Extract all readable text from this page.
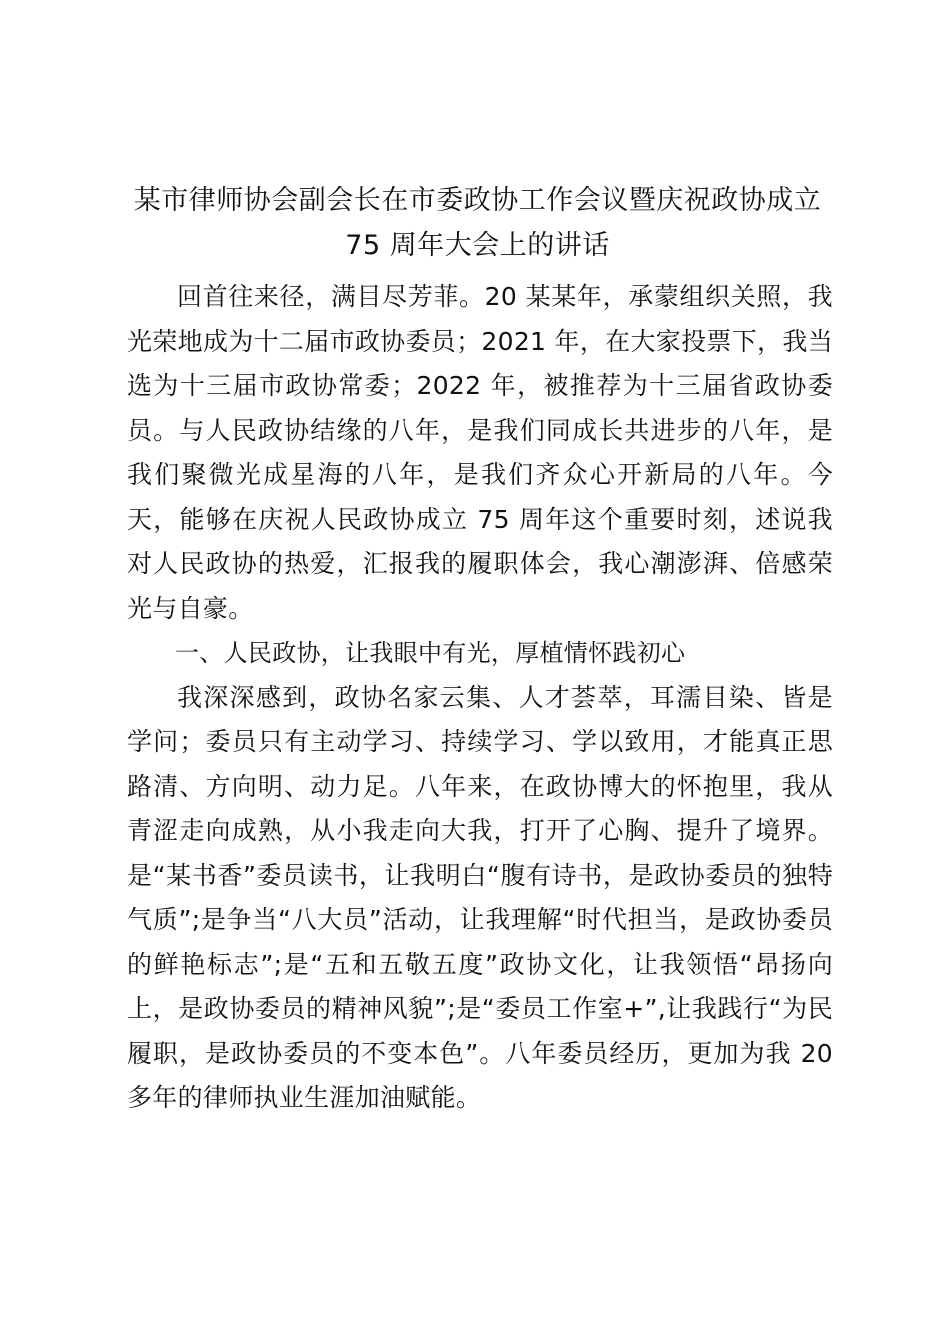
某市律师协会副会长在市委政协工作会议暨庆祝政协成立 75 周年大会上的讲话

回首往来径，满目尽芳菲。20 某某年，承蒙组织关照，我光荣地成为十二届市政协委员；2021 年，在大家投票下，我当选为十三届市政协常委；2022 年，被推荐为十三届省政协委员。与人民政协结缘的八年，是我们同成长共进步的八年，是我们聚微光成星海的八年，是我们齐众心开新局的八年。今天，能够在庆祝人民政协成立 75 周年这个重要时刻，述说我对人民政协的热爱，汇报我的履职体会，我心潮澎湃、倍感荣光与自豪。

一、人民政协，让我眼中有光，厚植情怀践初心

我深深感到，政协名家云集、人才荟萃，耳濡目染、皆是学问；委员只有主动学习、持续学习、学以致用，才能真正思路清、方向明、动力足。八年来，在政协博大的怀抱里，我从青涩走向成熟，从小我走向大我，打开了心胸、提升了境界。是“某书香”委员读书，让我明白“腹有诗书，是政协委员的独特气质”;是争当“八大员”活动，让我理解“时代担当，是政协委员的鲜艳标志”;是“五和五敬五度”政协文化，让我领悟“昂扬向上，是政协委员的精神风貌”;是“委员工作室+”,让我践行“为民履职，是政协委员的不变本色”。八年委员经历，更加为我 20 多年的律师执业生涯加油赋能。
